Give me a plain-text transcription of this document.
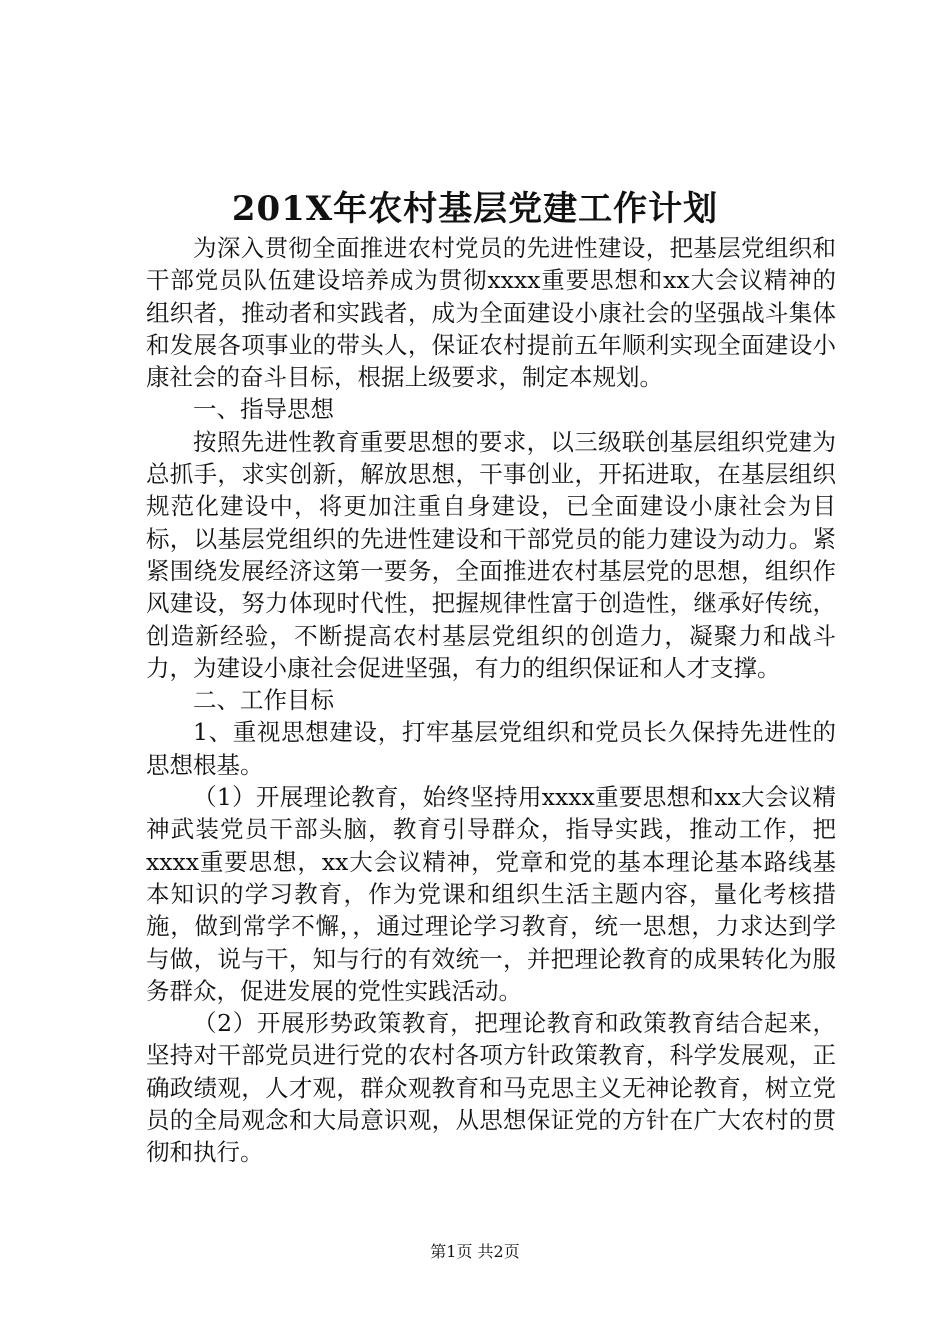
201X年农村基层党建工作计划

为深入贯彻全面推进农村党员的先进性建设，把基层党组织和干部党员队伍建设培养成为贯彻xxxx重要思想和xx大会议精神的组织者，推动者和实践者，成为全面建设小康社会的坚强战斗集体和发展各项事业的带头人，保证农村提前五年顺利实现全面建设小康社会的奋斗目标，根据上级要求，制定本规划。

一、指导思想

按照先进性教育重要思想的要求，以三级联创基层组织党建为总抓手，求实创新，解放思想，干事创业，开拓进取，在基层组织规范化建设中，将更加注重自身建设，已全面建设小康社会为目标，以基层党组织的先进性建设和干部党员的能力建设为动力。紧紧围绕发展经济这第一要务，全面推进农村基层党的思想，组织作风建设，努力体现时代性，把握规律性富于创造性，继承好传统，创造新经验，不断提高农村基层党组织的创造力，凝聚力和战斗力，为建设小康社会促进坚强，有力的组织保证和人才支撑。

二、工作目标

1、重视思想建设，打牢基层党组织和党员长久保持先进性的思想根基。

（1）开展理论教育，始终坚持用xxxx重要思想和xx大会议精神武装党员干部头脑，教育引导群众，指导实践，推动工作，把xxxx重要思想，xx大会议精神，党章和党的基本理论基本路线基本知识的学习教育，作为党课和组织生活主题内容，量化考核措施，做到常学不懈，，通过理论学习教育，统一思想，力求达到学与做，说与干，知与行的有效统一，并把理论教育的成果转化为服务群众，促进发展的党性实践活动。

（2）开展形势政策教育，把理论教育和政策教育结合起来，坚持对干部党员进行党的农村各项方针政策教育，科学发展观，正确政绩观，人才观，群众观教育和马克思主义无神论教育，树立党员的全局观念和大局意识观，从思想保证党的方针在广大农村的贯彻和执行。

第1页 共2页
